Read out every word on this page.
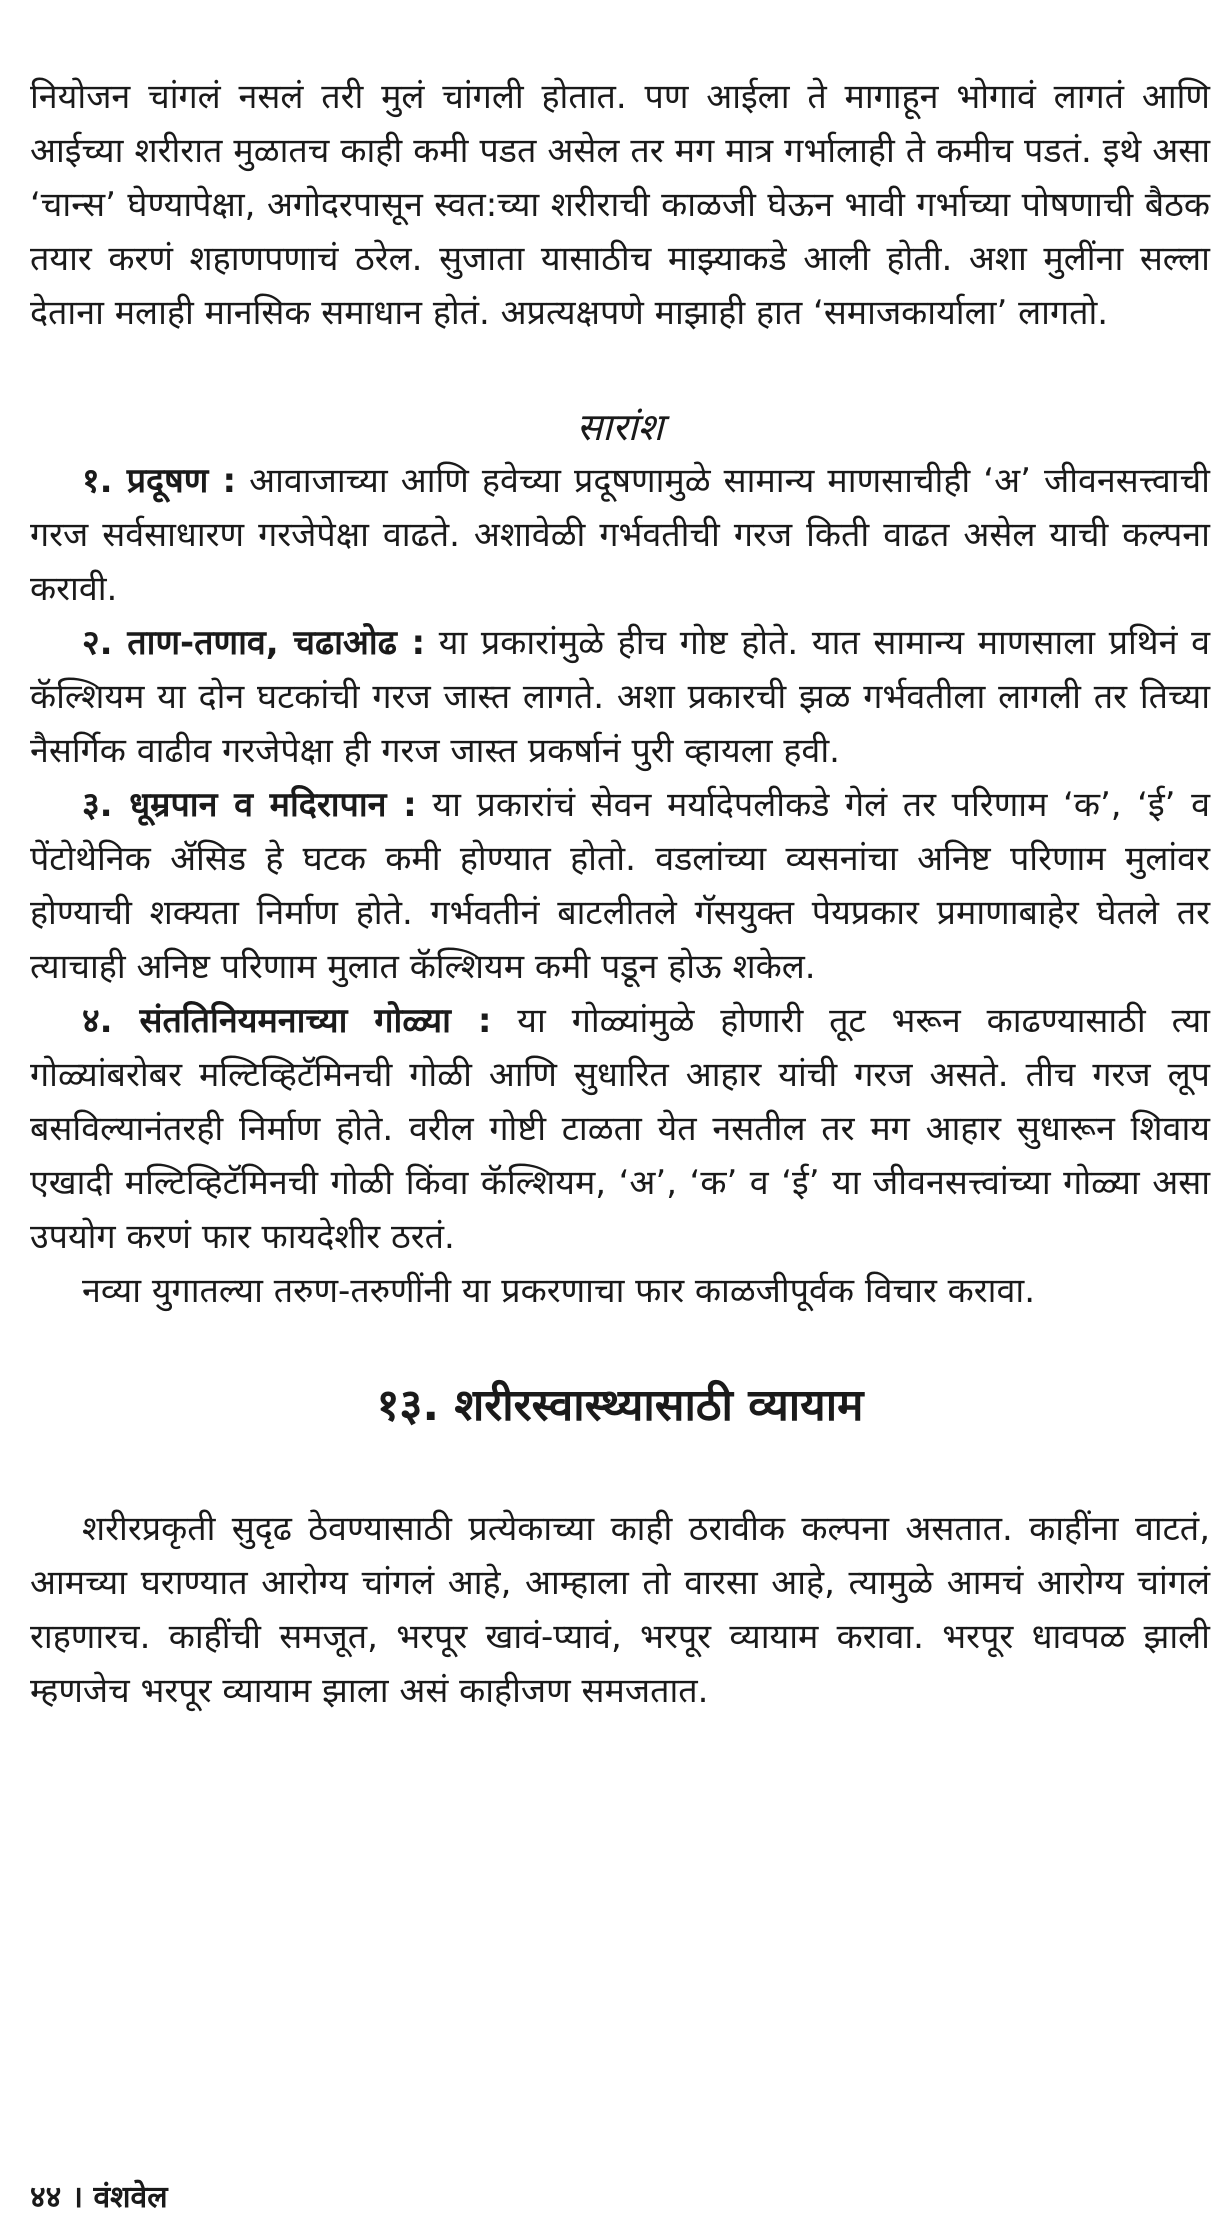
नियोजन चांगलं नसलं तरी मुलं चांगली होतात. पण आईला ते मागाहून भोगावं लागतं आणि आईच्या शरीरात मुळातच काही कमी पडत असेल तर मग मात्र गर्भालाही ते कमीच पडतं. इथे असा ‘चान्स’ घेण्यापेक्षा, अगोदरपासून स्वत:च्या शरीराची काळजी घेऊन भावी गर्भाच्या पोषणाची बैठक तयार करणं शहाणपणाचं ठरेल. सुजाता यासाठीच माझ्याकडे आली होती. अशा मुलींना सल्ला देताना मलाही मानसिक समाधान होतं. अप्रत्यक्षपणे माझाही हात ‘समाजकार्याला’ लागतो.

सारांश

१. प्रदूषण : आवाजाच्या आणि हवेच्या प्रदूषणामुळे सामान्य माणसाचीही ‘अ’ जीवनसत्त्वाची गरज सर्वसाधारण गरजेपेक्षा वाढते. अशावेळी गर्भवतीची गरज किती वाढत असेल याची कल्पना करावी.

२. ताण-तणाव, चढाओढ : या प्रकारांमुळे हीच गोष्ट होते. यात सामान्य माणसाला प्रथिनं व कॅल्शियम या दोन घटकांची गरज जास्त लागते. अशा प्रकारची झळ गर्भवतीला लागली तर तिच्या नैसर्गिक वाढीव गरजेपेक्षा ही गरज जास्त प्रकर्षानं पुरी व्हायला हवी.

३. धूम्रपान व मदिरापान : या प्रकारांचं सेवन मर्यादेपलीकडे गेलं तर परिणाम ‘क’, ‘ई’ व पेंटोथेनिक ॲसिड हे घटक कमी होण्यात होतो. वडलांच्या व्यसनांचा अनिष्ट परिणाम मुलांवर होण्याची शक्यता निर्माण होते. गर्भवतीनं बाटलीतले गॅसयुक्त पेयप्रकार प्रमाणाबाहेर घेतले तर त्याचाही अनिष्ट परिणाम मुलात कॅल्शियम कमी पडून होऊ शकेल.

४. संततिनियमनाच्या गोळ्या : या गोळ्यांमुळे होणारी तूट भरून काढण्यासाठी त्या गोळ्यांबरोबर मल्टिव्हिटॅमिनची गोळी आणि सुधारित आहार यांची गरज असते. तीच गरज लूप बसविल्यानंतरही निर्माण होते. वरील गोष्टी टाळता येत नसतील तर मग आहार सुधारून शिवाय एखादी मल्टिव्हिटॅमिनची गोळी किंवा कॅल्शियम, ‘अ’, ‘क’ व ‘ई’ या जीवनसत्त्वांच्या गोळ्या असा उपयोग करणं फार फायदेशीर ठरतं.

नव्या युगातल्या तरुण-तरुणींनी या प्रकरणाचा फार काळजीपूर्वक विचार करावा.

१३. शरीरस्वास्थ्यासाठी व्यायाम

शरीरप्रकृती सुदृढ ठेवण्यासाठी प्रत्येकाच्या काही ठरावीक कल्पना असतात. काहींना वाटतं, आमच्या घराण्यात आरोग्य चांगलं आहे, आम्हाला तो वारसा आहे, त्यामुळे आमचं आरोग्य चांगलं राहणारच. काहींची समजूत, भरपूर खावं-प्यावं, भरपूर व्यायाम करावा. भरपूर धावपळ झाली म्हणजेच भरपूर व्यायाम झाला असं काहीजण समजतात.

४४ । वंशवेल
